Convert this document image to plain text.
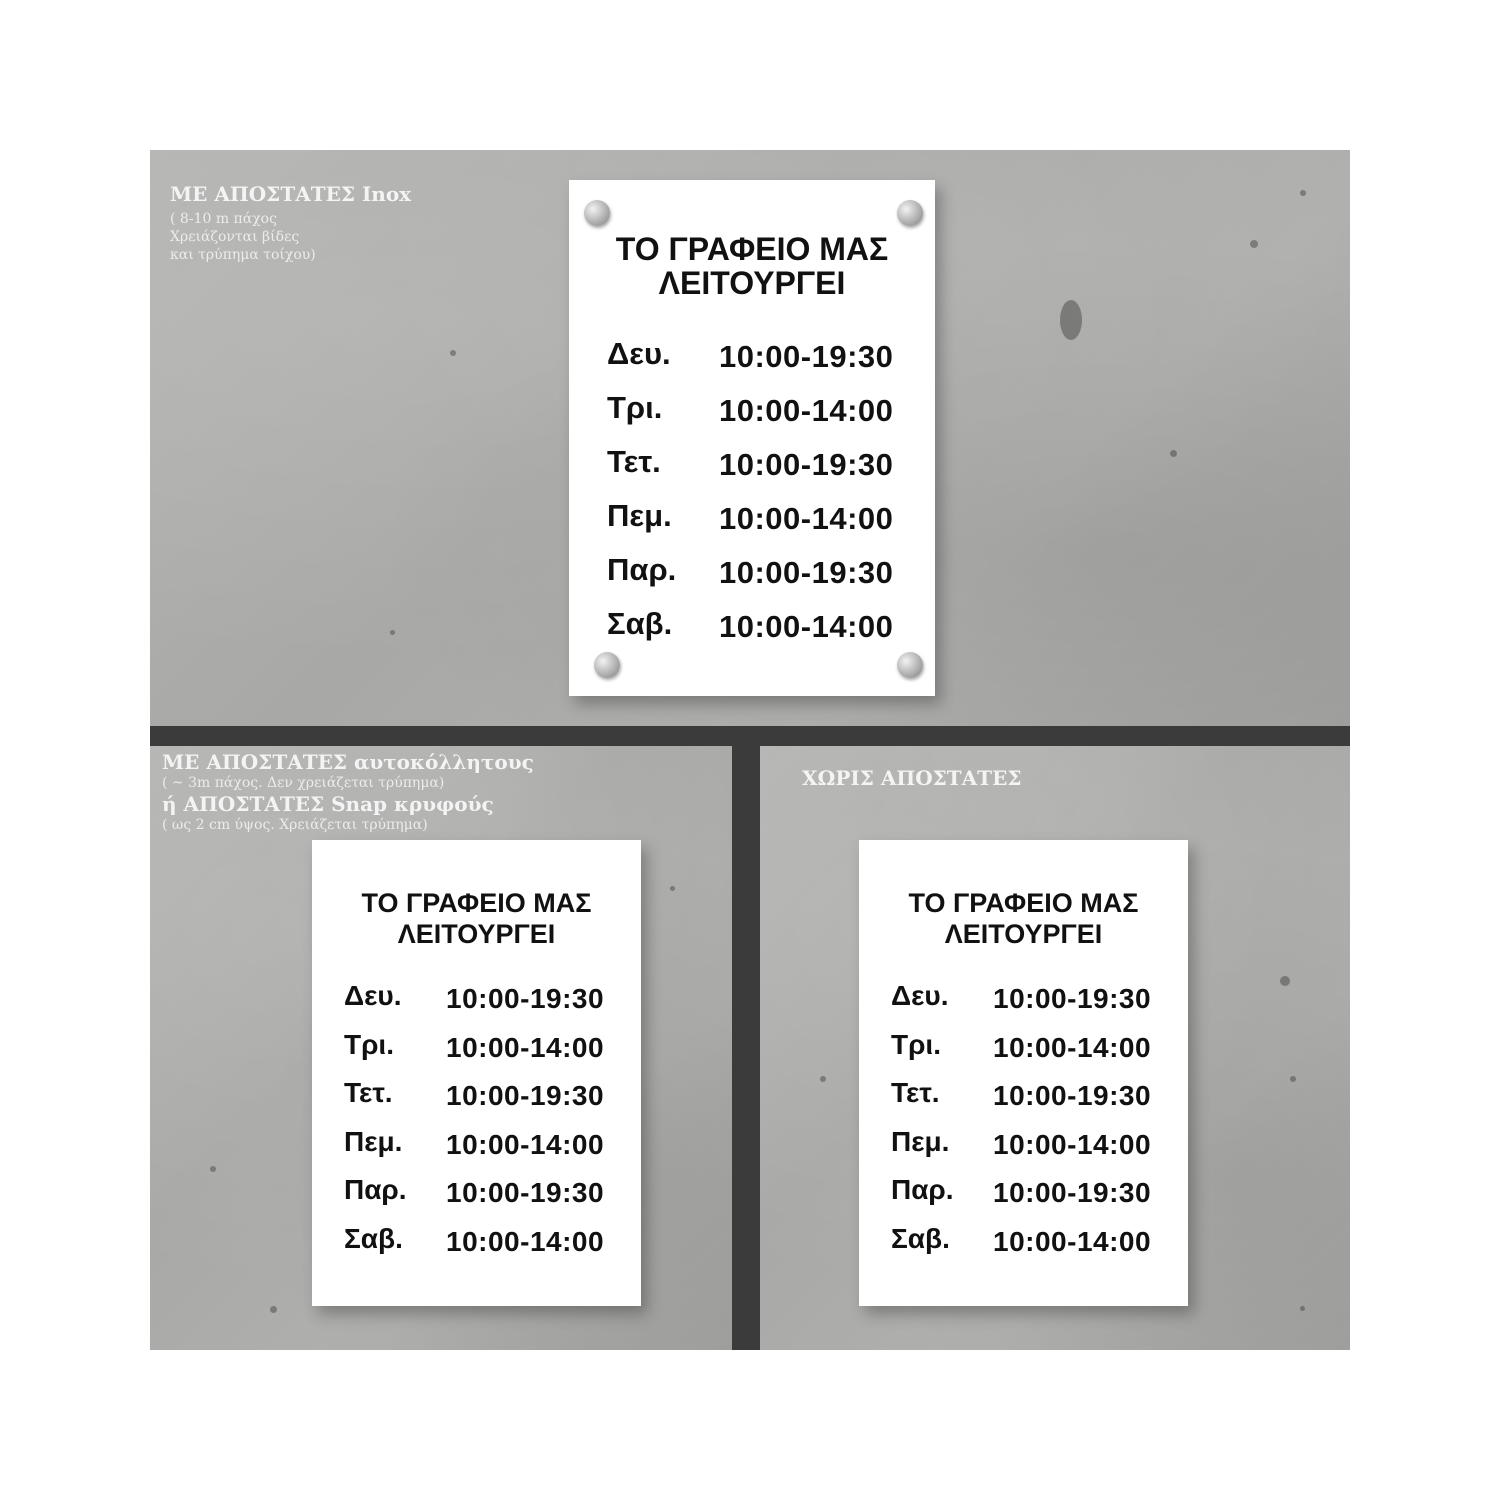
ΜΕ ΑΠΟΣΤΑΤΕΣ Inox
( 8-10 m πάχος
Χρειάζονται βίδες
και τρύπημα τοίχου)	ΤΟ ΓΡΑΦΕΙΟ ΜΑΣ
ΛΕΙΤΟΥΡΓΕΙ
Δευ. 10:00-19:30
Τρι. 10:00-14:00
Τετ. 10:00-19:30
Πεμ. 10:00-14:00
Παρ. 10:00-19:30
Σαβ. 10:00-14:00
ΜΕ ΑΠΟΣΤΑΤΕΣ αυτοκόλλητους
( ~ 3m πάχος. Δεν χρειάζεται τρύπημα)
ή ΑΠΟΣΤΑΤΕΣ Snap κρυφούς
( ως 2 cm ύψος. Χρειάζεται τρύπημα)
ΤΟ ΓΡΑΦΕΙΟ ΜΑΣ
ΛΕΙΤΟΥΡΓΕΙ
Δευ. 10:00-19:30
Τρι. 10:00-14:00
Τετ. 10:00-19:30
Πεμ. 10:00-14:00
Παρ. 10:00-19:30
Σαβ. 10:00-14:00
ΧΩΡΙΣ ΑΠΟΣΤΑΤΕΣ
ΤΟ ΓΡΑΦΕΙΟ ΜΑΣ
ΛΕΙΤΟΥΡΓΕΙ
Δευ. 10:00-19:30
Τρι. 10:00-14:00
Τετ. 10:00-19:30
Πεμ. 10:00-14:00
Παρ. 10:00-19:30
Σαβ. 10:00-14:00
